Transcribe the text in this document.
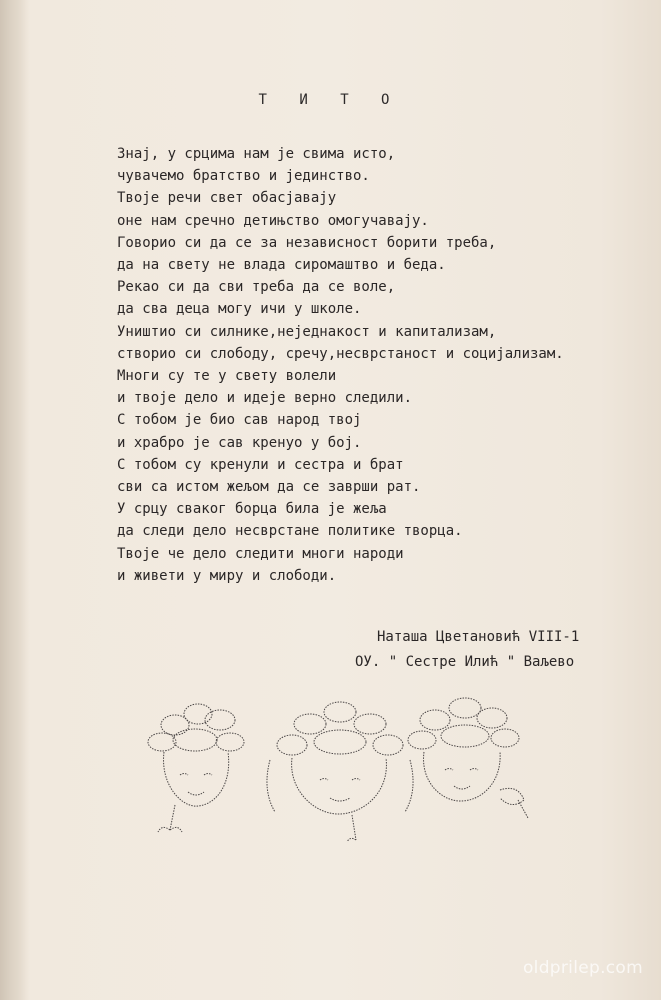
Т И Т О
Знај, у срцима нам је свима исто,
чувачемо братство и јединство.
Твоје речи свет обасјавају
оне нам сречно детињство омогучавају.
Говорио си да се за независност борити треба,
да на свету не влада сиромаштво и беда.
Рекао си да сви треба да се воле,
да сва деца могу ичи у школе.
Уништио си силнике,неједнакост и капитализам,
створио си слободу, сречу,несврстаност и социјализам.
Многи су те у свету волели
и твоје дело и идеје верно следили.
С тобом је био сав народ твој
и храбро је сав кренуо у бој.
С тобом су кренули и сестра и брат
сви са истом жељом да се заврши рат.
У срцу сваког борца била је жеља
да следи дело несврстане политике творца.
Твоје че дело следити многи народи
и живети у миру и слободи.
Наташа Цветановић VIII-1
ОУ. " Сестре Илић " Ваљево
oldprilep.com
